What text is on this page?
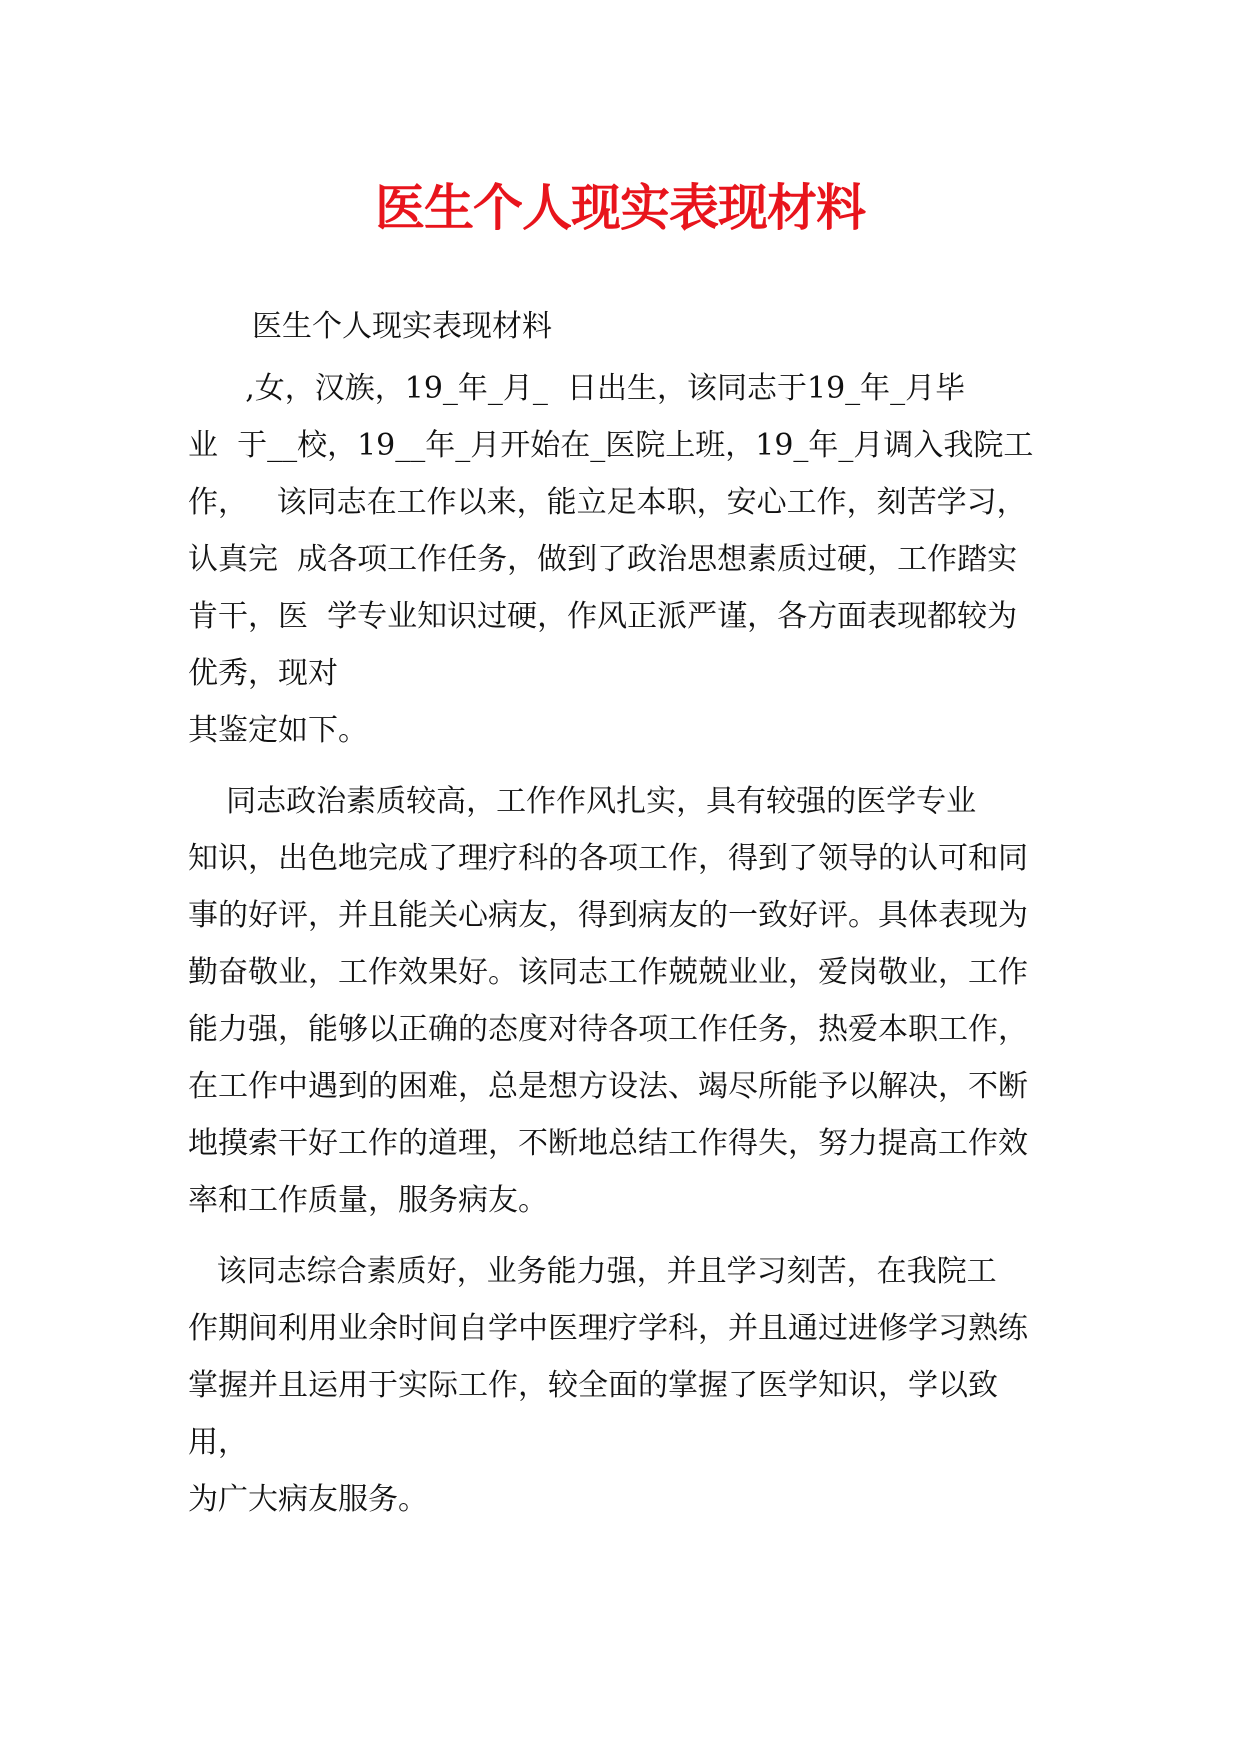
医生个人现实表现材料
医生个人现实表现材料
,女，汉族，19_年_月_  日出生，该同志于19_年_月毕
业  于__校，19__年_月开始在_医院上班，19_年_月调入我院工
作，   该同志在工作以来，能立足本职，安心工作，刻苦学习，
认真完  成各项工作任务，做到了政治思想素质过硬，工作踏实
肯干，医  学专业知识过硬，作风正派严谨，各方面表现都较为
优秀，现对
其鉴定如下。
同志政治素质较高，工作作风扎实，具有较强的医学专业
知识，出色地完成了理疗科的各项工作，得到了领导的认可和同
事的好评，并且能关心病友，得到病友的一致好评。具体表现为
勤奋敬业，工作效果好。该同志工作兢兢业业，爱岗敬业，工作
能力强，能够以正确的态度对待各项工作任务，热爱本职工作，
在工作中遇到的困难，总是想方设法、竭尽所能予以解决，不断
地摸索干好工作的道理，不断地总结工作得失，努力提高工作效
率和工作质量，服务病友。
该同志综合素质好，业务能力强，并且学习刻苦，在我院工
作期间利用业余时间自学中医理疗学科，并且通过进修学习熟练
掌握并且运用于实际工作，较全面的掌握了医学知识，学以致
用，
为广大病友服务。
